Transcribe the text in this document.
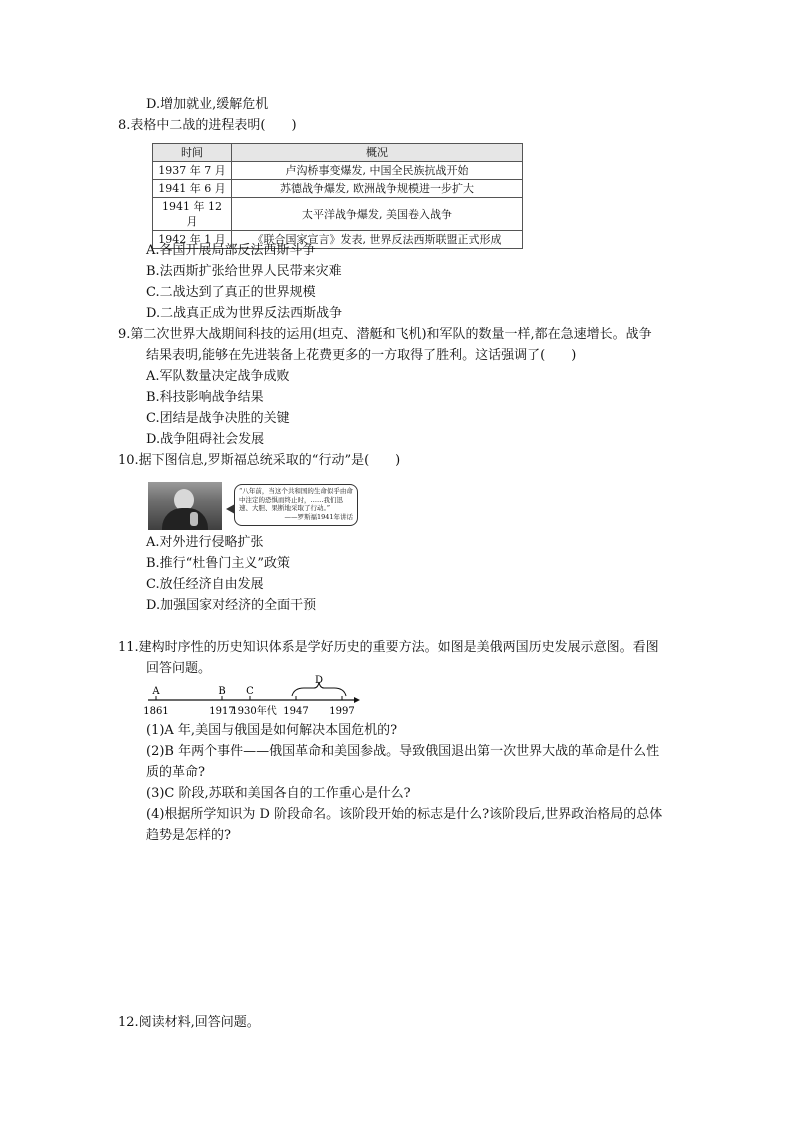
D.增加就业,缓解危机
8.表格中二战的进程表明(　　)
时间	概况
1937 年 7 月	卢沟桥事变爆发, 中国全民族抗战开始
1941 年 6 月	苏德战争爆发, 欧洲战争规模进一步扩大
1941 年 12 月	太平洋战争爆发, 美国卷入战争
1942 年 1 月	《联合国家宣言》发表, 世界反法西斯联盟正式形成
A.各国开展局部反法西斯斗争
B.法西斯扩张给世界人民带来灾难
C.二战达到了真正的世界规模
D.二战真正成为世界反法西斯战争
9.第二次世界大战期间科技的运用(坦克、潜艇和飞机)和军队的数量一样,都在急速增长。战争
结果表明,能够在先进装备上花费更多的一方取得了胜利。这话强调了(　　)
A.军队数量决定战争成败
B.科技影响战争结果
C.团结是战争决胜的关键
D.战争阻碍社会发展
10.据下图信息,罗斯福总统采取的“行动”是(　　)
“八年前，当这个共和国的生命似乎由命中注定的恐惧而终止时，……我们迅速、大胆、果断地采取了行动。”
——罗斯福1941年讲话
A.对外进行侵略扩张
B.推行“杜鲁门主义”政策
C.放任经济自由发展
D.加强国家对经济的全面干预
11.建构时序性的历史知识体系是学好历史的重要方法。如图是美俄两国历史发展示意图。看图
回答问题。
A	B C
D
1861	1917
1930年代 1947 1997
(1)A 年,美国与俄国是如何解决本国危机的?
(2)B 年两个事件——俄国革命和美国参战。导致俄国退出第一次世界大战的革命是什么性
质的革命?
(3)C 阶段,苏联和美国各自的工作重心是什么?
(4)根据所学知识为 D 阶段命名。该阶段开始的标志是什么?该阶段后,世界政治格局的总体
趋势是怎样的?
12.阅读材料,回答问题。
